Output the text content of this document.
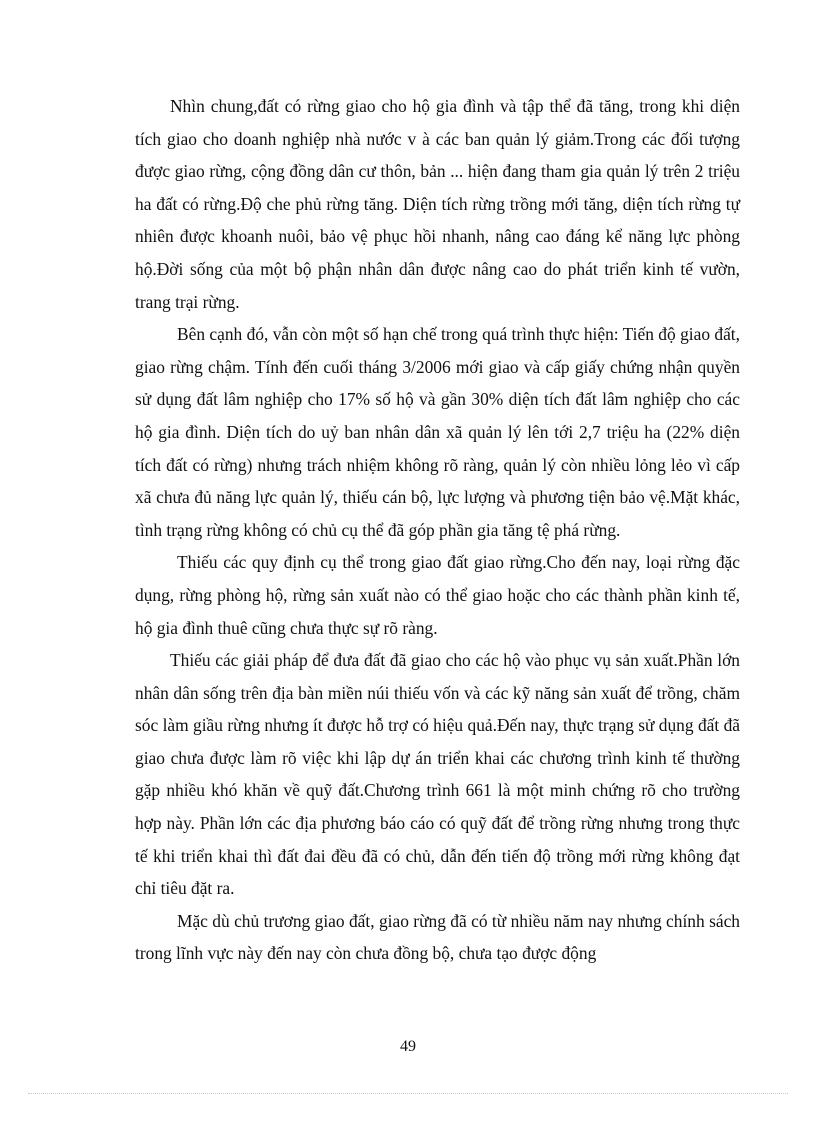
Nhìn chung,đất có rừng giao cho hộ gia đình và tập thể đã tăng, trong khi diện tích giao cho doanh nghiệp nhà nước v à các ban quản lý giảm.Trong các đối tượng được giao rừng, cộng đồng dân cư thôn, bản ... hiện đang tham gia quản lý trên 2 triệu ha đất có rừng.Độ che phủ rừng tăng. Diện tích rừng trồng mới tăng, diện tích rừng tự nhiên được khoanh nuôi, bảo vệ phục hồi nhanh, nâng cao đáng kể năng lực phòng hộ.Đời sống của một bộ phận nhân dân được nâng cao do phát triển kinh tế vườn, trang trại rừng.

Bên cạnh đó, vẫn còn một số hạn chế trong quá trình thực hiện: Tiến độ giao đất, giao rừng chậm. Tính đến cuối tháng 3/2006 mới giao và cấp giấy chứng nhận quyền sử dụng đất lâm nghiệp cho 17% số hộ và gần 30% diện tích đất lâm nghiệp cho các hộ gia đình. Diện tích do uỷ ban nhân dân xã quản lý lên tới 2,7 triệu ha (22% diện tích đất có rừng) nhưng trách nhiệm không rõ ràng, quản lý còn nhiều lỏng lẻo vì cấp xã chưa đủ năng lực quản lý, thiếu cán bộ, lực lượng và phương tiện bảo vệ.Mặt khác, tình trạng rừng không có chủ cụ thể đã góp phần gia tăng tệ phá rừng.

Thiếu các quy định cụ thể trong giao đất giao rừng.Cho đến nay, loại rừng đặc dụng, rừng phòng hộ, rừng sản xuất nào có thể giao hoặc cho các thành phần kinh tế, hộ gia đình thuê cũng chưa thực sự rõ ràng.

Thiếu các giải pháp để đưa đất đã giao cho các hộ vào phục vụ sản xuất.Phần lớn nhân dân sống trên địa bàn miền núi thiếu vốn và các kỹ năng sản xuất để trồng, chăm sóc làm giầu rừng nhưng ít được hỗ trợ có hiệu quả.Đến nay, thực trạng sử dụng đất đã giao chưa được làm rõ việc khi lập dự án triển khai các chương trình kinh tế thường gặp nhiều khó khăn về quỹ đất.Chương trình 661 là một minh chứng rõ cho trường hợp này. Phần lớn các địa phương báo cáo có quỹ đất để trồng rừng nhưng trong thực tế khi triển khai thì đất đai đều đã có chủ, dẫn đến tiến độ trồng mới rừng không đạt chỉ tiêu đặt ra.

Mặc dù chủ trương giao đất, giao rừng đã có từ nhiều năm nay nhưng chính sách trong lĩnh vực này đến nay còn chưa đồng bộ, chưa tạo được động

49
